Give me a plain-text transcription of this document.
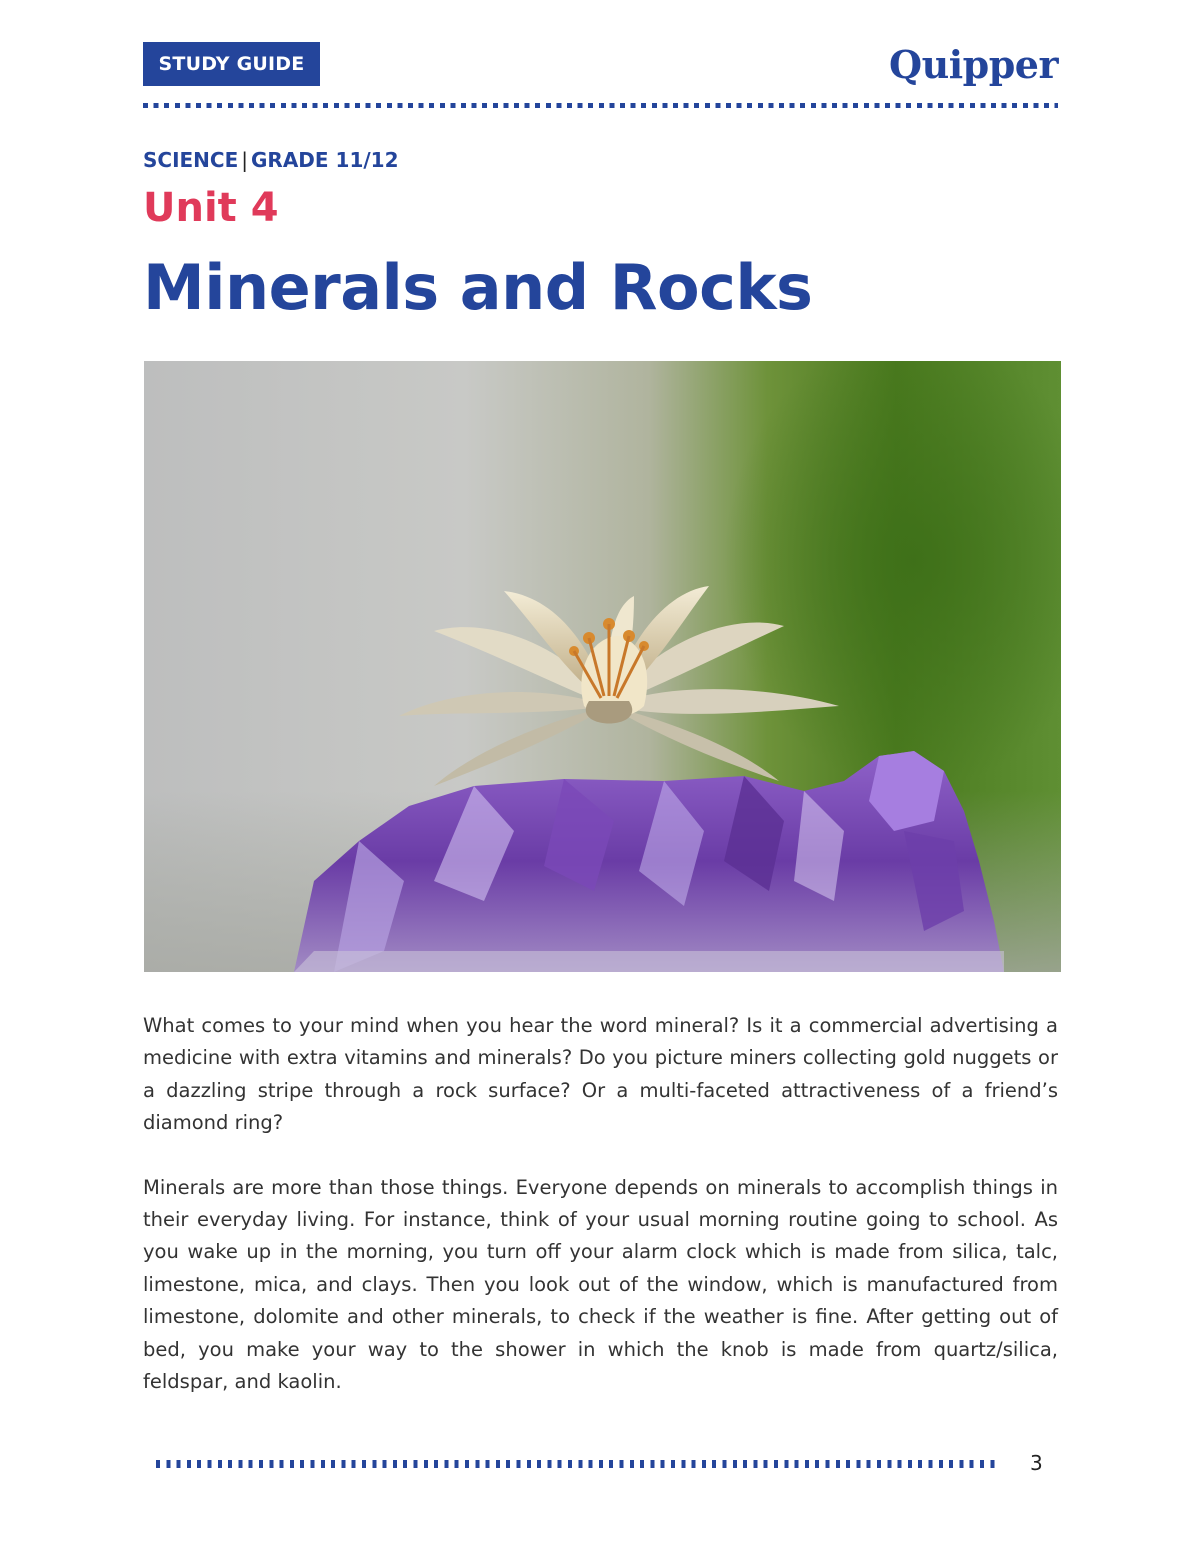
STUDY GUIDE	Quipper
SCIENCE | GRADE 11/12
Unit 4
Minerals and Rocks

What comes to your mind when you hear the word mineral? Is it a commercial advertising a medicine with extra vitamins and minerals? Do you picture miners collecting gold nuggets or a dazzling stripe through a rock surface? Or a multi-faceted attractiveness of a friend’s diamond ring?

Minerals are more than those things. Everyone depends on minerals to accomplish things in their everyday living. For instance, think of your usual morning routine going to school. As you wake up in the morning, you turn off your alarm clock which is made from silica, talc, limestone, mica, and clays. Then you look out of the window, which is manufactured from limestone, dolomite and other minerals, to check if the weather is fine. After getting out of bed, you make your way to the shower in which the knob is made from quartz/silica, feldspar, and kaolin.

3
